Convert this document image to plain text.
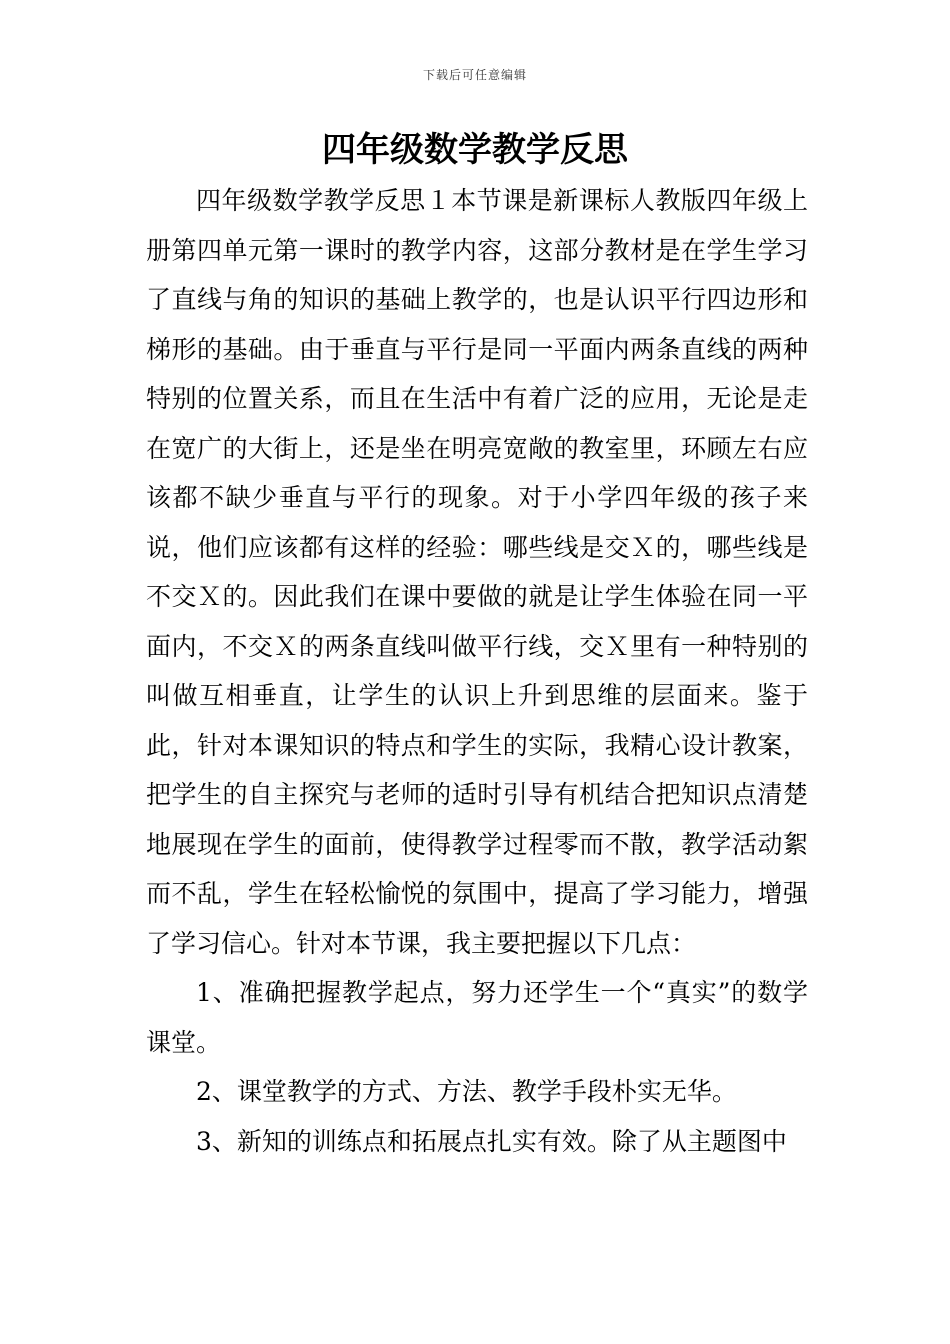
下载后可任意编辑
四年级数学教学反思

四年级数学教学反思１本节课是新课标人教版四年级上册第四单元第一课时的教学内容，这部分教材是在学生学习了直线与角的知识的基础上教学的，也是认识平行四边形和梯形的基础。由于垂直与平行是同一平面内两条直线的两种特别的位置关系，而且在生活中有着广泛的应用，无论是走在宽广的大街上，还是坐在明亮宽敞的教室里，环顾左右应该都不缺少垂直与平行的现象。对于小学四年级的孩子来说，他们应该都有这样的经验：哪些线是交Ｘ的，哪些线是不交Ｘ的。因此我们在课中要做的就是让学生体验在同一平面内，不交Ｘ的两条直线叫做平行线，交Ｘ里有一种特别的叫做互相垂直，让学生的认识上升到思维的层面来。鉴于此，针对本课知识的特点和学生的实际，我精心设计教案，把学生的自主探究与老师的适时引导有机结合把知识点清楚地展现在学生的面前，使得教学过程零而不散，教学活动絮而不乱，学生在轻松愉悦的氛围中，提高了学习能力，增强了学习信心。针对本节课，我主要把握以下几点：

1、准确把握教学起点，努力还学生一个“真实”的数学课堂。

2、课堂教学的方式、方法、教学手段朴实无华。

3、新知的训练点和拓展点扎实有效。除了从主题图中
